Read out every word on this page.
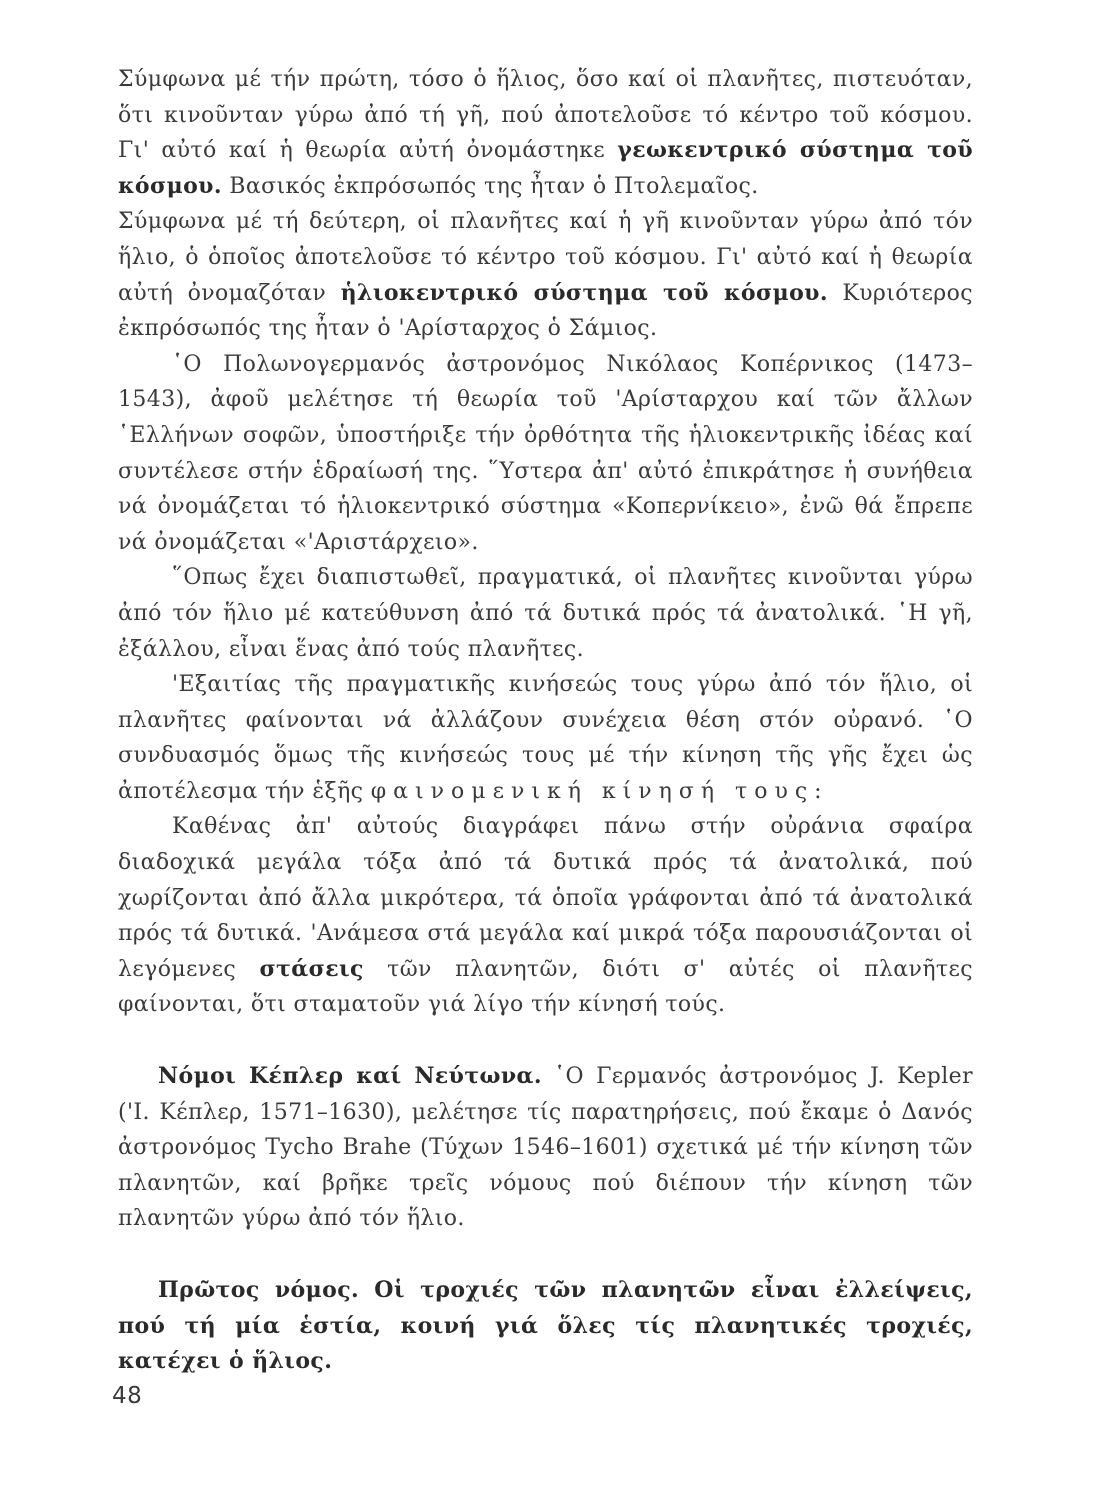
Σύμφωνα μέ τήν πρώτη, τόσο ὁ ἥλιος, ὅσο καί οἱ πλανῆτες, πιστευόταν, ὅτι κινοῦνταν γύρω ἀπό τή γῆ, πού ἀποτελοῦσε τό κέντρο τοῦ κόσμου. Γι' αὐτό καί ἡ θεωρία αὐτή ὀνομάστηκε γεωκεντρικό σύστημα τοῦ κόσμου. Βασικός ἐκπρόσωπός της ἦταν ὁ Πτολεμαῖος.

Σύμφωνα μέ τή δεύτερη, οἱ πλανῆτες καί ἡ γῆ κινοῦνταν γύρω ἀπό τόν ἥλιο, ὁ ὁποῖος ἀποτελοῦσε τό κέντρο τοῦ κόσμου. Γι' αὐτό καί ἡ θεωρία αὐτή ὀνομαζόταν ἡλιοκεντρικό σύστημα τοῦ κόσμου. Κυριότερος ἐκπρόσωπός της ἦταν ὁ 'Αρίσταρχος ὁ Σάμιος.

῾Ο Πολωνογερμανός ἀστρονόμος Νικόλαος Κοπέρνικος (1473–1543), ἀφοῦ μελέτησε τή θεωρία τοῦ 'Αρίσταρχου καί τῶν ἄλλων ῾Ελλήνων σοφῶν, ὑποστήριξε τήν ὀρθότητα τῆς ἡλιοκεντρικῆς ἰδέας καί συντέλεσε στήν ἑδραίωσή της. ῞Υστερα ἀπ' αὐτό ἐπικράτησε ἡ συνήθεια νά ὀνομάζεται τό ἡλιοκεντρικό σύστημα «Κοπερνίκειο», ἐνῶ θά ἔπρεπε νά ὀνομάζεται «'Αριστάρχειο».

῞Οπως ἔχει διαπιστωθεῖ, πραγματικά, οἱ πλανῆτες κινοῦνται γύρω ἀπό τόν ἥλιο μέ κατεύθυνση ἀπό τά δυτικά πρός τά ἀνατολικά. ῾Η γῆ, ἐξάλλου, εἶναι ἕνας ἀπό τούς πλανῆτες.

'Εξαιτίας τῆς πραγματικῆς κινήσεώς τους γύρω ἀπό τόν ἥλιο, οἱ πλανῆτες φαίνονται νά ἀλλάζουν συνέχεια θέση στόν οὐρανό. ῾Ο συνδυασμός ὅμως τῆς κινήσεώς τους μέ τήν κίνηση τῆς γῆς ἔχει ὡς ἀποτέλεσμα τήν ἑξῆς φαινομενική κίνησή τους:

Καθένας ἀπ' αὐτούς διαγράφει πάνω στήν οὐράνια σφαίρα διαδοχικά μεγάλα τόξα ἀπό τά δυτικά πρός τά ἀνατολικά, πού χωρίζονται ἀπό ἄλλα μικρότερα, τά ὁποῖα γράφονται ἀπό τά ἀνατολικά πρός τά δυτικά. 'Ανάμεσα στά μεγάλα καί μικρά τόξα παρουσιάζονται οἱ λεγόμενες στάσεις τῶν πλανητῶν, διότι σ' αὐτές οἱ πλανῆτες φαίνονται, ὅτι σταματοῦν γιά λίγο τήν κίνησή τούς.

Νόμοι Κέπλερ καί Νεύτωνα. ῾Ο Γερμανός ἀστρονόμος J. Kepler ('Ι. Κέπλερ, 1571–1630), μελέτησε τίς παρατηρήσεις, πού ἔκαμε ὁ Δανός ἀστρονόμος Tycho Brahe (Τύχων 1546–1601) σχετικά μέ τήν κίνηση τῶν πλανητῶν, καί βρῆκε τρεῖς νόμους πού διέπουν τήν κίνηση τῶν πλανητῶν γύρω ἀπό τόν ἥλιο.

Πρῶτος νόμος. Οἱ τροχιές τῶν πλανητῶν εἶναι ἐλλείψεις, πού τή μία ἑστία, κοινή γιά ὅλες τίς πλανητικές τροχιές, κατέχει ὁ ἥλιος.

48
